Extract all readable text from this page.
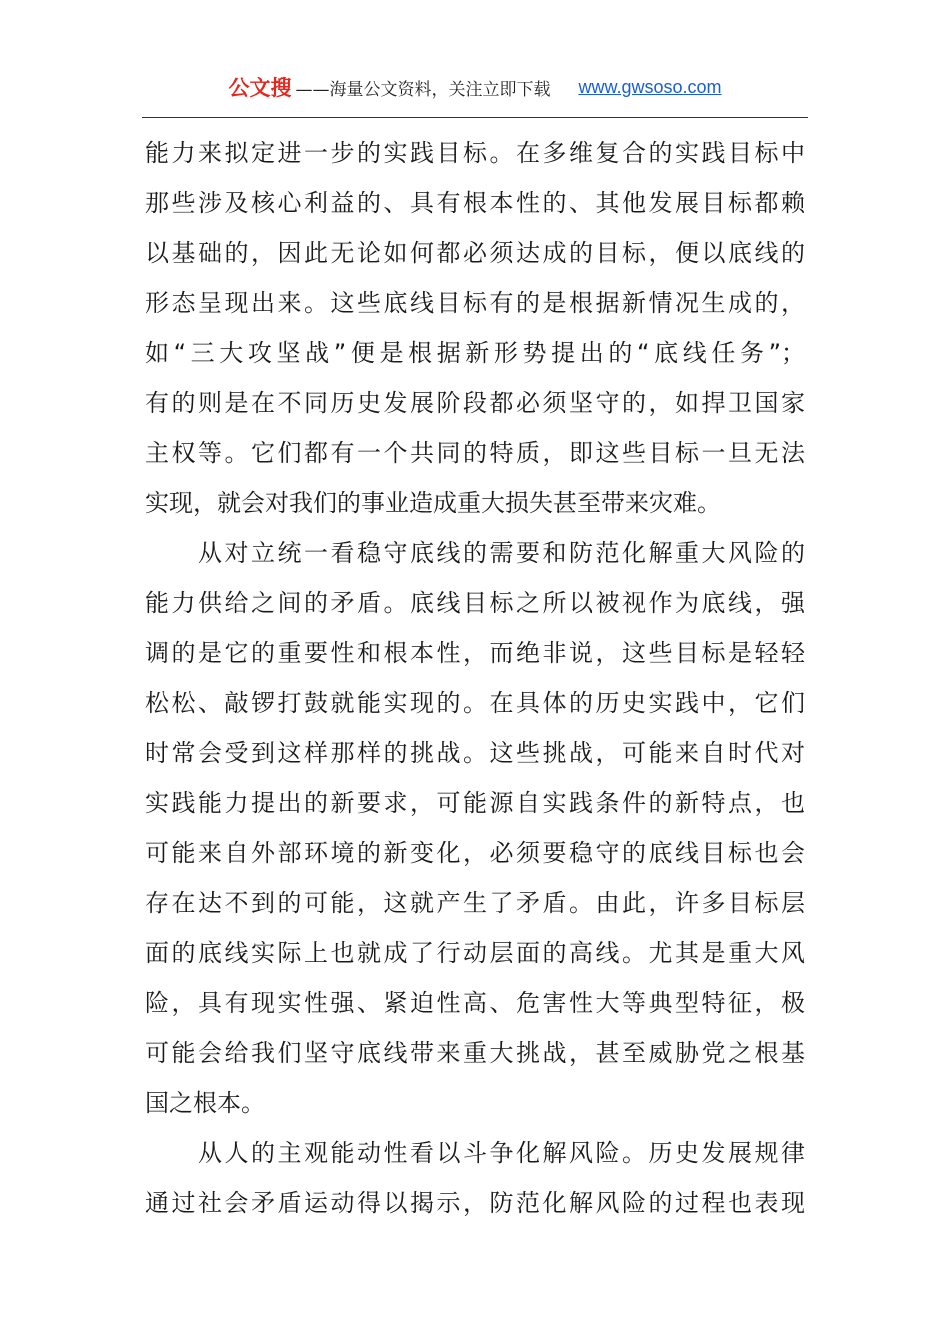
公文搜 ——海量公文资料，关注立即下载 www.gwsoso.com
能力来拟定进一步的实践目标。在多维复合的实践目标中
那些涉及核心利益的、具有根本性的、其他发展目标都赖
以基础的，因此无论如何都必须达成的目标，便以底线的
形态呈现出来。这些底线目标有的是根据新情况生成的，
如“三大攻坚战”便是根据新形势提出的“底线任务”；
有的则是在不同历史发展阶段都必须坚守的，如捍卫国家
主权等。它们都有一个共同的特质，即这些目标一旦无法
实现，就会对我们的事业造成重大损失甚至带来灾难。
　　从对立统一看稳守底线的需要和防范化解重大风险的
能力供给之间的矛盾。底线目标之所以被视作为底线，强
调的是它的重要性和根本性，而绝非说，这些目标是轻轻
松松、敲锣打鼓就能实现的。在具体的历史实践中，它们
时常会受到这样那样的挑战。这些挑战，可能来自时代对
实践能力提出的新要求，可能源自实践条件的新特点，也
可能来自外部环境的新变化，必须要稳守的底线目标也会
存在达不到的可能，这就产生了矛盾。由此，许多目标层
面的底线实际上也就成了行动层面的高线。尤其是重大风
险，具有现实性强、紧迫性高、危害性大等典型特征，极
可能会给我们坚守底线带来重大挑战，甚至威胁党之根基
国之根本。
　　从人的主观能动性看以斗争化解风险。历史发展规律
通过社会矛盾运动得以揭示，防范化解风险的过程也表现
